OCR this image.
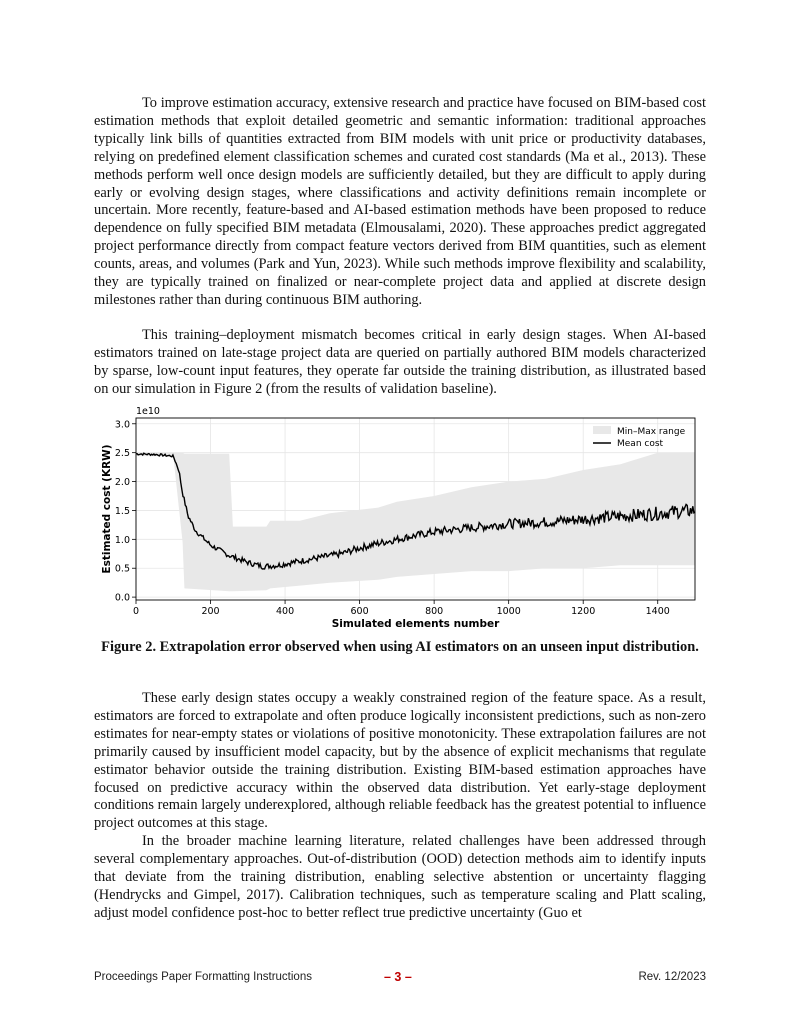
To improve estimation accuracy, extensive research and practice have focused on BIM-based cost estimation methods that exploit detailed geometric and semantic information: traditional approaches typically link bills of quantities extracted from BIM models with unit price or productivity databases, relying on predefined element classification schemes and curated cost standards (Ma et al., 2013). These methods perform well once design models are sufficiently detailed, but they are difficult to apply during early or evolving design stages, where classifications and activity definitions remain incomplete or uncertain. More recently, feature-based and AI-based estimation methods have been proposed to reduce dependence on fully specified BIM metadata (Elmousalami, 2020). These approaches predict aggregated project performance directly from compact feature vectors derived from BIM quantities, such as element counts, areas, and volumes (Park and Yun, 2023). While such methods improve flexibility and scalability, they are typically trained on finalized or near-complete project data and applied at discrete design milestones rather than during continuous BIM authoring.

This training–deployment mismatch becomes critical in early design stages. When AI-based estimators trained on late-stage project data are queried on partially authored BIM models characterized by sparse, low-count input features, they operate far outside the training distribution, as illustrated based on our simulation in Figure 2 (from the results of validation baseline).

0	200	400	600	800	1000	1200	1400
0.0
0.5
1.0
1.5
2.0
2.5
3.0
1e10
Simulated elements number
Estimated cost (KRW)
Min–Max range
Mean cost

Figure 2. Extrapolation error observed when using AI estimators on an unseen input distribution.

These early design states occupy a weakly constrained region of the feature space. As a result, estimators are forced to extrapolate and often produce logically inconsistent predictions, such as non-zero estimates for near-empty states or violations of positive monotonicity. These extrapolation failures are not primarily caused by insufficient model capacity, but by the absence of explicit mechanisms that regulate estimator behavior outside the training distribution. Existing BIM-based estimation approaches have focused on predictive accuracy within the observed data distribution. Yet early-stage deployment conditions remain largely underexplored, although reliable feedback has the greatest potential to influence project outcomes at this stage.

In the broader machine learning literature, related challenges have been addressed through several complementary approaches. Out-of-distribution (OOD) detection methods aim to identify inputs that deviate from the training distribution, enabling selective abstention or uncertainty flagging (Hendrycks and Gimpel, 2017). Calibration techniques, such as temperature scaling and Platt scaling, adjust model confidence post-hoc to better reflect true predictive uncertainty (Guo et

Proceedings Paper Formatting Instructions	– 3 –	Rev. 12/2023
